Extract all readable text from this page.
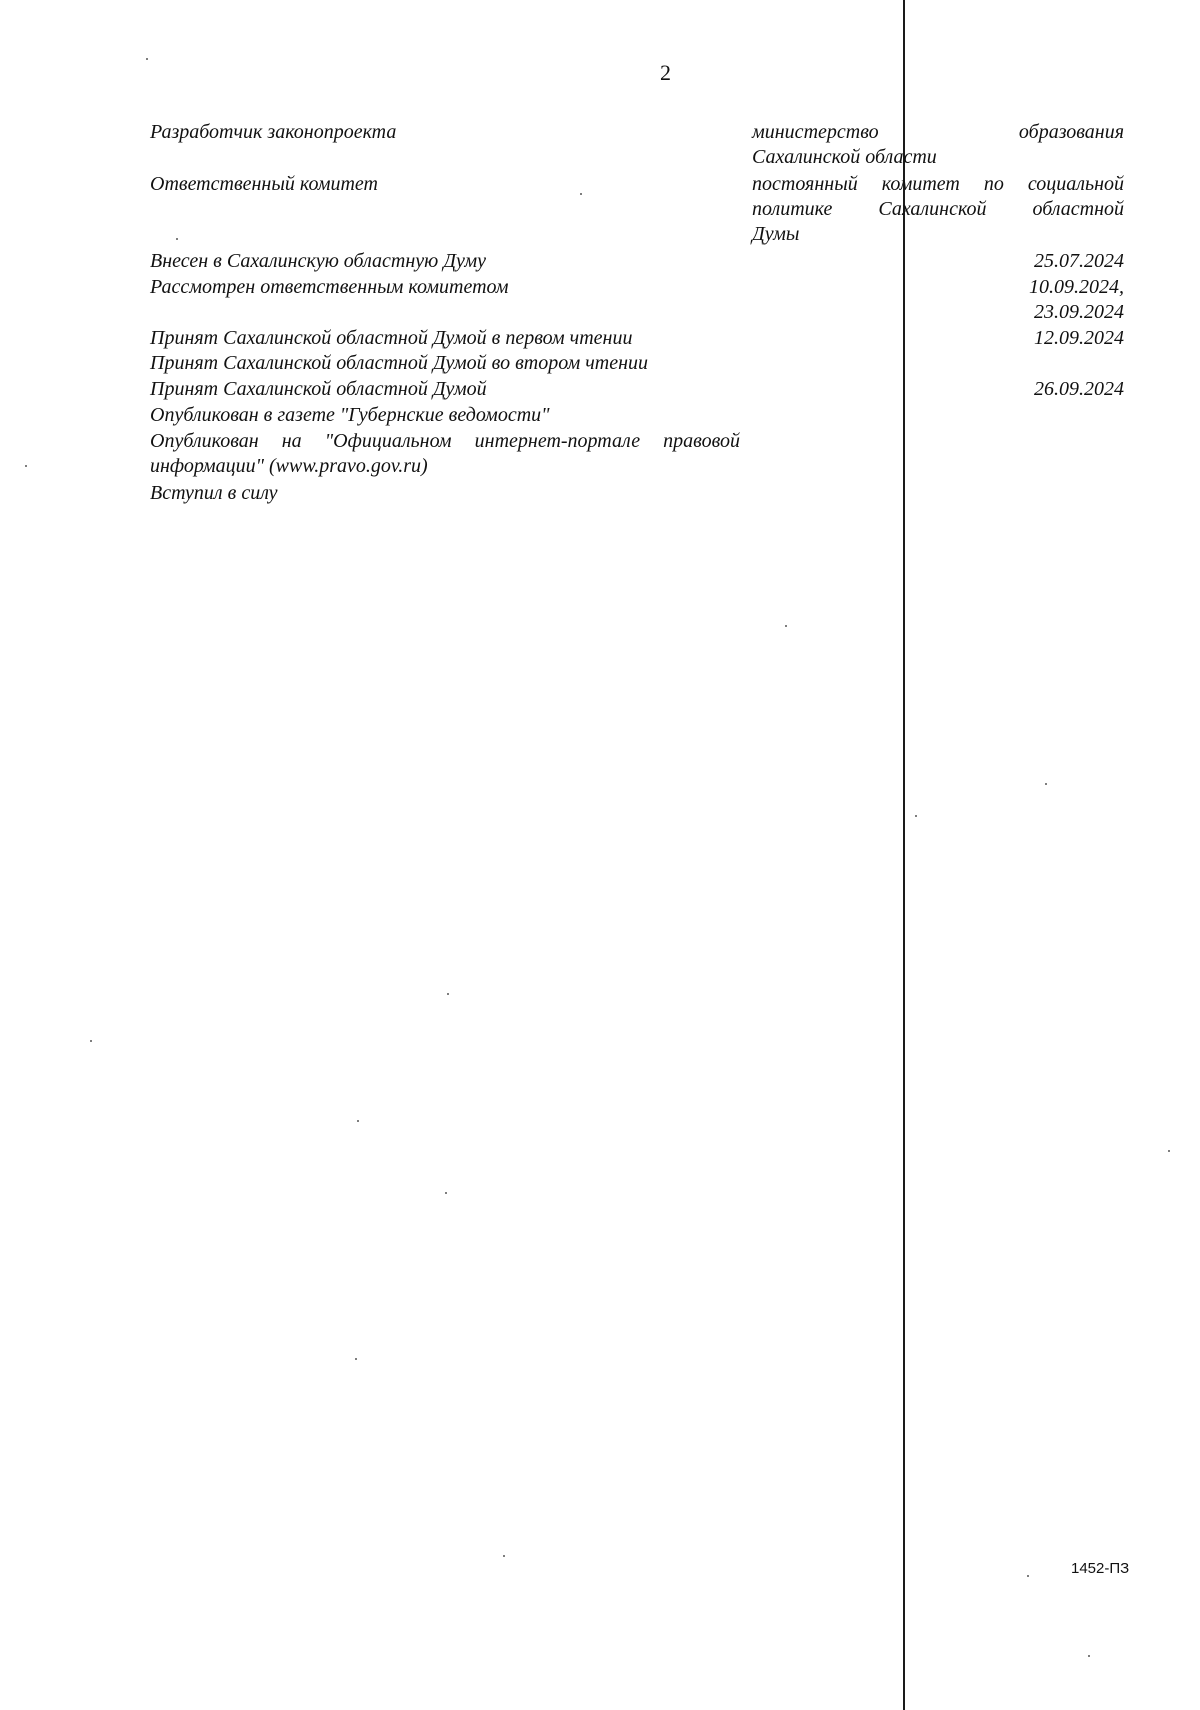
2
Разработчик законопроекта	министерство образования
Сахалинской области
Ответственный комитет	постоянный комитет по социальной
политике Сахалинской областной
Думы
Внесен в Сахалинскую областную Думу	25.07.2024
Рассмотрен ответственным комитетом	10.09.2024,
23.09.2024
Принят Сахалинской областной Думой в первом чтении	12.09.2024
Принят Сахалинской областной Думой во втором чтении
Принят Сахалинской областной Думой	26.09.2024
Опубликован в газете "Губернские ведомости"
Опубликован на "Официальном интернет-портале правовой
информации" (www.pravo.gov.ru)
Вступил в силу
1452-ПЗ
